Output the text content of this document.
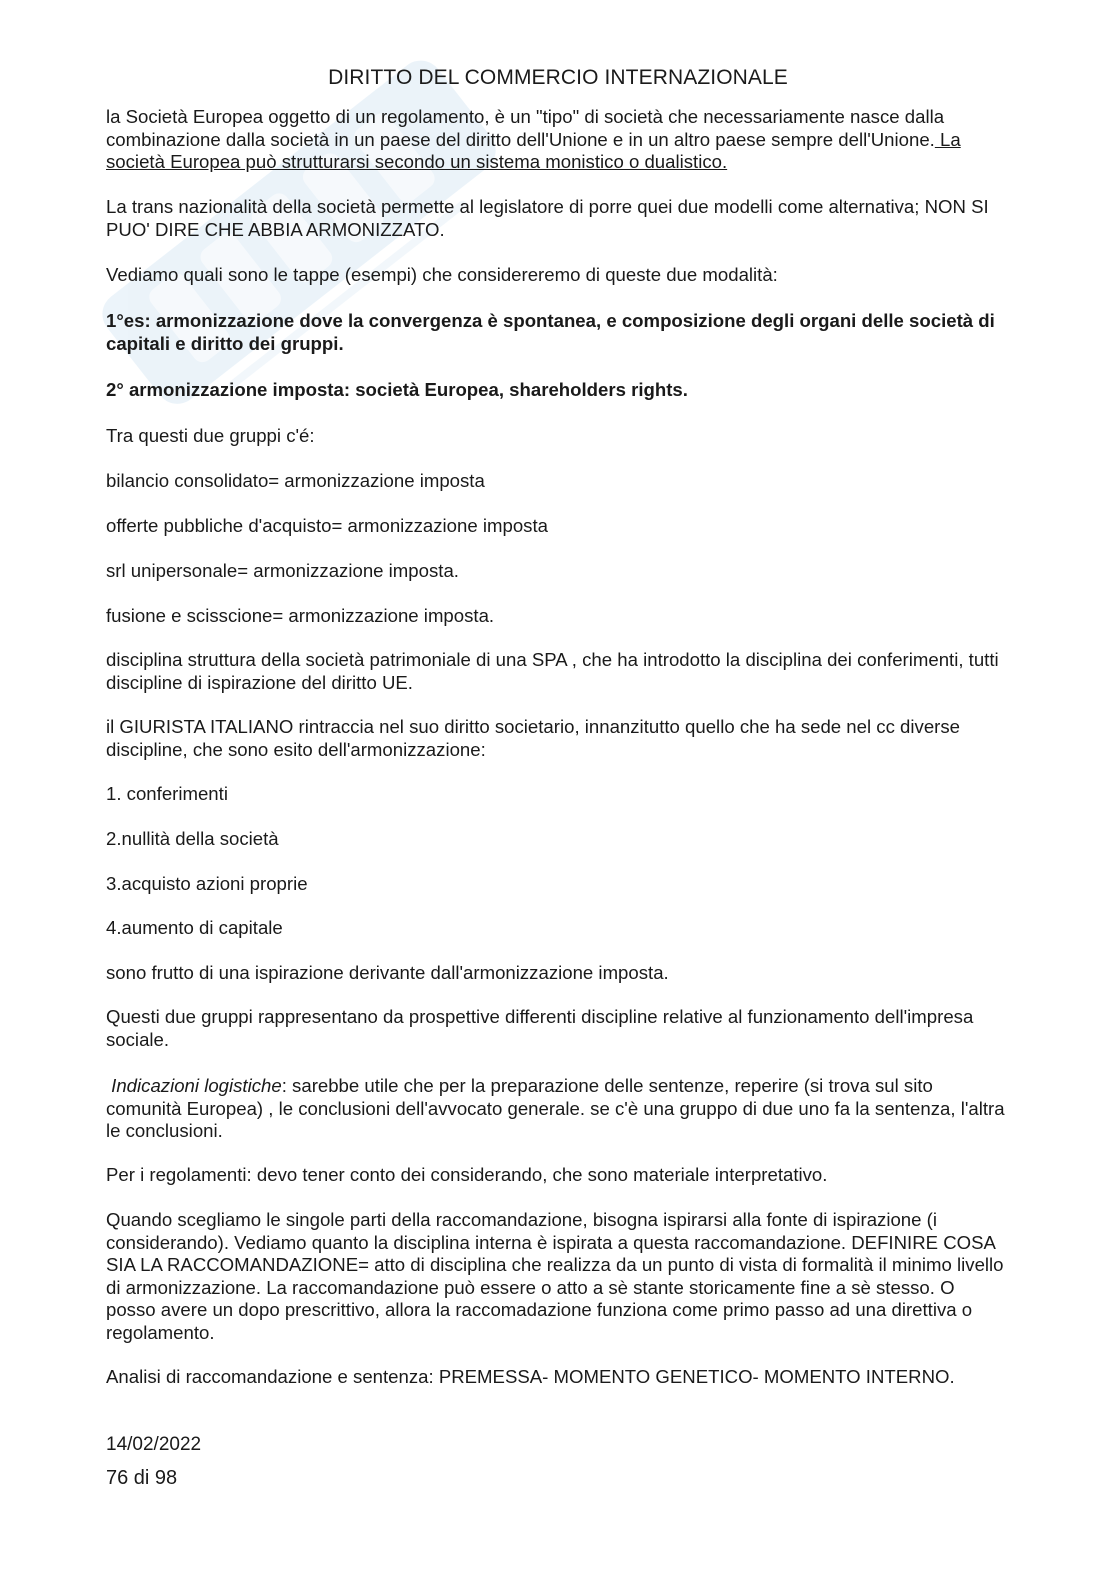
DIRITTO DEL COMMERCIO INTERNAZIONALE

la Società Europea oggetto di un regolamento, è un "tipo" di società che necessariamente nasce dalla combinazione dalla società in un paese del diritto dell'Unione e in un altro paese sempre dell'Unione. La società Europea può strutturarsi secondo un sistema monistico o dualistico.

La trans nazionalità della società permette al legislatore di porre quei due modelli come alternativa; NON SI PUO' DIRE CHE ABBIA ARMONIZZATO.

Vediamo quali sono le tappe (esempi) che considereremo di queste due modalità:

1°es: armonizzazione dove la convergenza è spontanea, e composizione degli organi delle società di capitali e diritto dei gruppi.

2° armonizzazione imposta: società Europea, shareholders rights.

Tra questi due gruppi c'é:

bilancio consolidato= armonizzazione imposta

offerte pubbliche d'acquisto= armonizzazione imposta

srl unipersonale= armonizzazione imposta.

fusione e scisscione= armonizzazione imposta.

disciplina struttura della società patrimoniale di una SPA , che ha introdotto la disciplina dei conferimenti, tutti discipline di ispirazione del diritto UE.

il GIURISTA ITALIANO rintraccia nel suo diritto societario, innanzitutto quello che ha sede nel cc diverse discipline, che sono esito dell'armonizzazione:

1. conferimenti

2.nullità della società

3.acquisto azioni proprie

4.aumento di capitale

sono frutto di una ispirazione derivante dall'armonizzazione imposta.

Questi due gruppi rappresentano da prospettive differenti discipline relative al funzionamento dell'impresa sociale.

Indicazioni logistiche: sarebbe utile che per la preparazione delle sentenze, reperire (si trova sul sito comunità Europea) , le conclusioni dell'avvocato generale. se c'è una gruppo di due uno fa la sentenza, l'altra le conclusioni.

Per i regolamenti: devo tener conto dei considerando, che sono materiale interpretativo.

Quando scegliamo le singole parti della raccomandazione, bisogna ispirarsi alla fonte di ispirazione (i considerando). Vediamo quanto la disciplina interna è ispirata a questa raccomandazione. DEFINIRE COSA SIA LA RACCOMANDAZIONE= atto di disciplina che realizza da un punto di vista di formalità il minimo livello di armonizzazione. La raccomandazione può essere o atto a sè stante storicamente fine a sè stesso. O posso avere un dopo prescrittivo, allora la raccomadazione funziona come primo passo ad una direttiva o regolamento.

Analisi di raccomandazione e sentenza: PREMESSA- MOMENTO GENETICO- MOMENTO INTERNO.

14/02/2022
76 di 98
